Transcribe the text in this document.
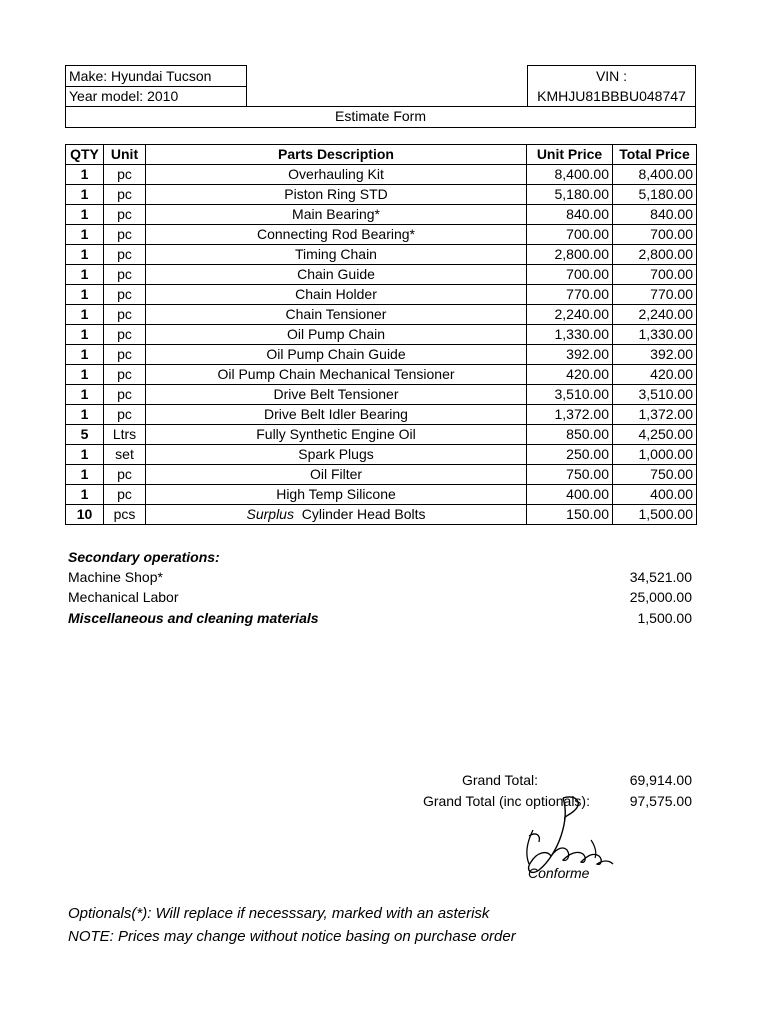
Make: Hyundai Tucson
Year model: 2010
VIN :
KMHJU81BBBU048747
Estimate Form
QTY	Unit	Parts Description	Unit Price	Total Price
1	pc	Overhauling Kit	8,400.00	8,400.00
1	pc	Piston Ring STD	5,180.00	5,180.00
1	pc	Main Bearing*	840.00	840.00
1	pc	Connecting Rod Bearing*	700.00	700.00
1	pc	Timing Chain	2,800.00	2,800.00
1	pc	Chain Guide	700.00	700.00
1	pc	Chain Holder	770.00	770.00
1	pc	Chain Tensioner	2,240.00	2,240.00
1	pc	Oil Pump Chain	1,330.00	1,330.00
1	pc	Oil Pump Chain Guide	392.00	392.00
1	pc	Oil Pump Chain Mechanical Tensioner	420.00	420.00
1	pc	Drive Belt Tensioner	3,510.00	3,510.00
1	pc	Drive Belt Idler Bearing	1,372.00	1,372.00
5	Ltrs	Fully Synthetic Engine Oil	850.00	4,250.00
1	set	Spark Plugs	250.00	1,000.00
1	pc	Oil Filter	750.00	750.00
1	pc	High Temp Silicone	400.00	400.00
10	pcs	Surplus Cylinder Head Bolts	150.00	1,500.00
Secondary operations:
Machine Shop*	34,521.00
Mechanical Labor	25,000.00
Miscellaneous and cleaning materials	1,500.00
Grand Total:	69,914.00
Grand Total (inc optionals):	97,575.00
Conforme
Optionals(*): Will replace if necesssary, marked with an asterisk
NOTE: Prices may change without notice basing on purchase order
